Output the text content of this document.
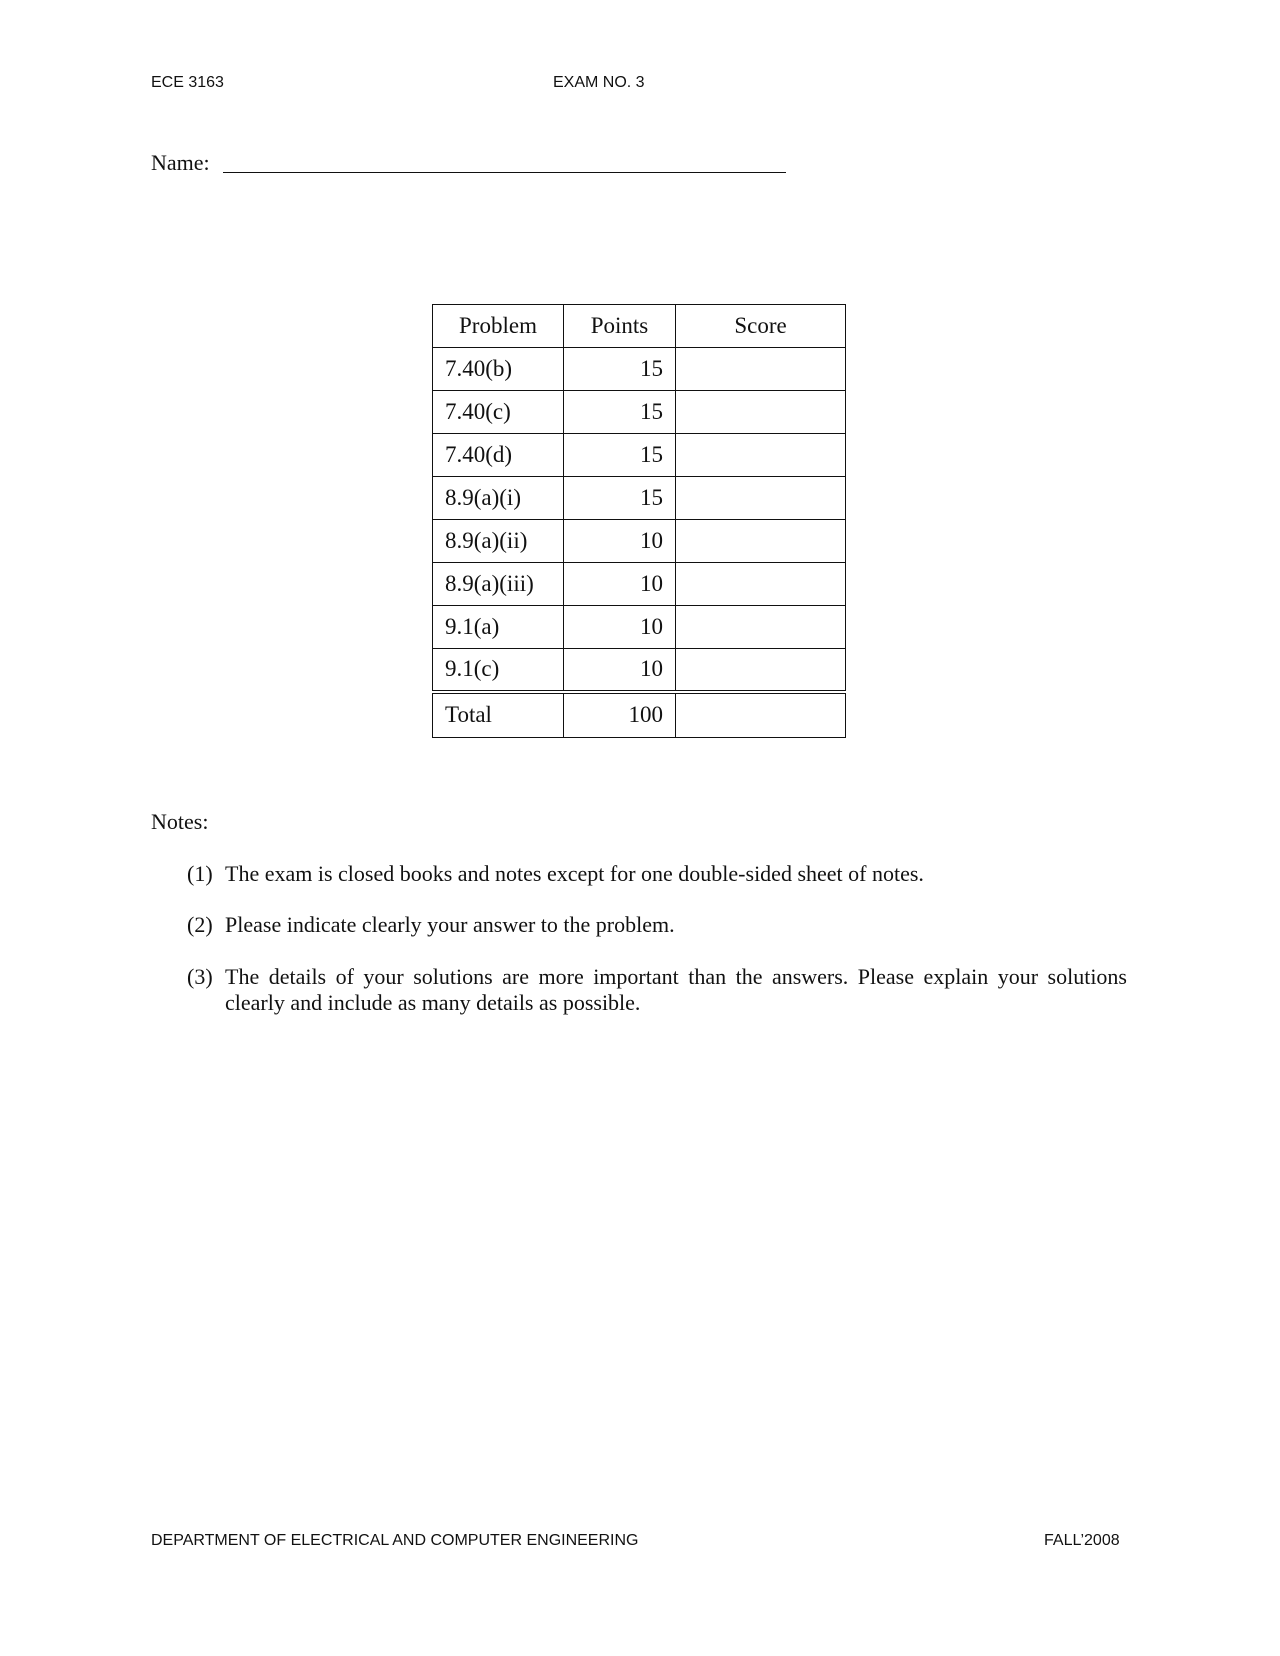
ECE 3163	EXAM NO. 3
Name:
Problem	Points	Score
7.40(b)	15	
7.40(c)	15	
7.40(d)	15	
8.9(a)(i)	15	
8.9(a)(ii)	10	
8.9(a)(iii)	10	
9.1(a)	10	
9.1(c)	10	
Total	100	
Notes:
(1) The exam is closed books and notes except for one double-sided sheet of notes.
(2) Please indicate clearly your answer to the problem.
(3) The details of your solutions are more important than the answers. Please explain your solutions
clearly and include as many details as possible.
DEPARTMENT OF ELECTRICAL AND COMPUTER ENGINEERING	FALL’2008
